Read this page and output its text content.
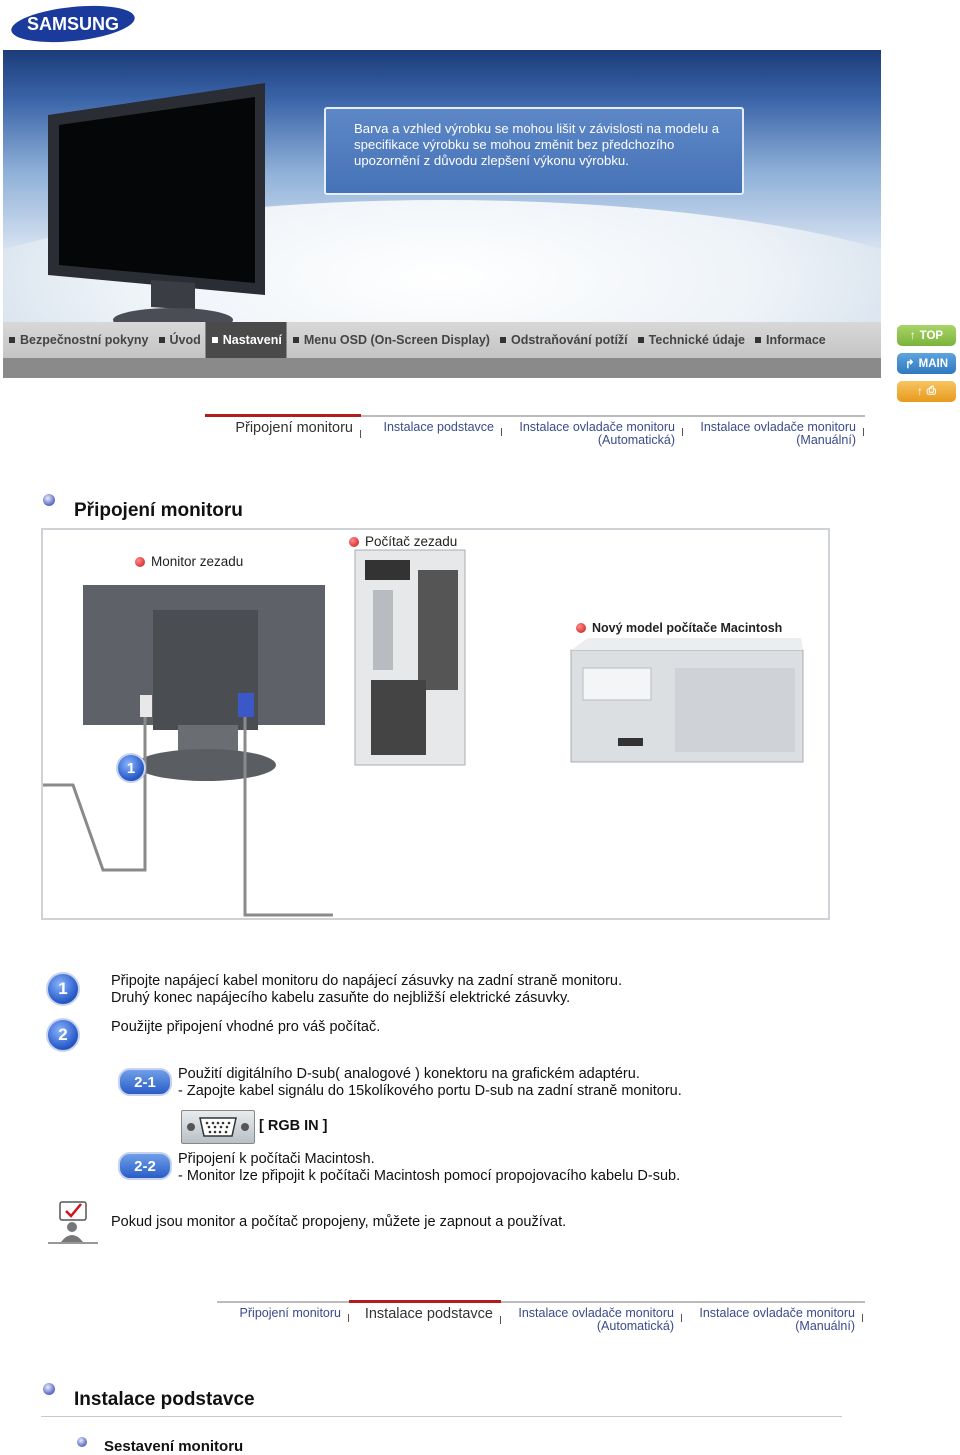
SAMSUNG
Barva a vzhled výrobku se mohou lišit v závislosti na modelu a specifikace výrobku se mohou změnit bez předchozího upozornění z důvodu zlepšení výkonu výrobku.
Bezpečnostní pokyny Úvod Nastavení Menu OSD (On-Screen Display) Odstraňování potíží Technické údaje Informace	↑ TOP
↱ MAIN
↑ ⎙
Připojení monitoru	Instalace podstavce	Instalace ovladače monitoru
(Automatická)
Instalace ovladače monitoru
(Manuální)
Připojení monitoru
Monitor zezadu
Počítač zezadu
Nový model počítače Macintosh
1
1	Připojte napájecí kabel monitoru do napájecí zásuvky na zadní straně monitoru.
Druhý konec napájecího kabelu zasuňte do nejbližší elektrické zásuvky.
2	Použijte připojení vhodné pro váš počítač.
2-1	Použití digitálního D-sub( analogové ) konektoru na grafickém adaptéru.
- Zapojte kabel signálu do 15kolíkového portu D-sub na zadní straně monitoru.
[ RGB IN ]
2-2	Připojení k počítači Macintosh.
- Monitor lze připojit k počítači Macintosh pomocí propojovacího kabelu D-sub.
Pokud jsou monitor a počítač propojeny, můžete je zapnout a používat.
Připojení monitoru	Instalace podstavce	Instalace ovladače monitoru
(Automatická)
Instalace ovladače monitoru
(Manuální)
Instalace podstavce
Sestavení monitoru
